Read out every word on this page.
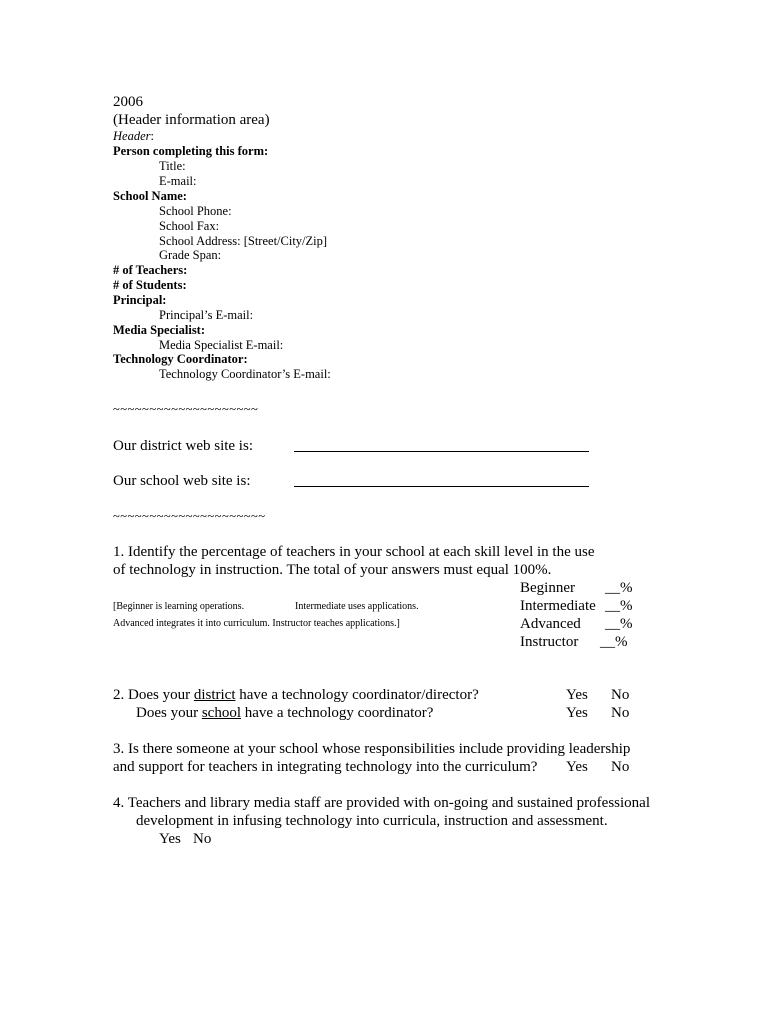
2006
(Header information area)
Header:
Person completing this form:
Title:
E-mail:
School Name:
School Phone:
School Fax:
School Address: [Street/City/Zip]
Grade Span:
# of Teachers:
# of Students:
Principal:
Principal’s E-mail:
Media Specialist:
Media Specialist E-mail:
Technology Coordinator:
Technology Coordinator’s E-mail:
~~~~~~~~~~~~~~~~~~~~
Our district web site is:
Our school web site is:
~~~~~~~~~~~~~~~~~~~~~
1. Identify the percentage of teachers in your school at each skill level in the use
of technology in instruction. The total of your answers must equal 100%.
[Beginner is learning operations.	Intermediate uses applications.
Advanced integrates it into curriculum. Instructor teaches applications.]
Beginner __%
Intermediate __%
Advanced __%
Instructor __%
2. Does your district have a technology coordinator/director?	Yes No
Does your school have a technology coordinator?	Yes No
3. Is there someone at your school whose responsibilities include providing leadership
and support for teachers in integrating technology into the curriculum? Yes No
4. Teachers and library media staff are provided with on-going and sustained professional
development in infusing technology into curricula, instruction and assessment.
Yes No
